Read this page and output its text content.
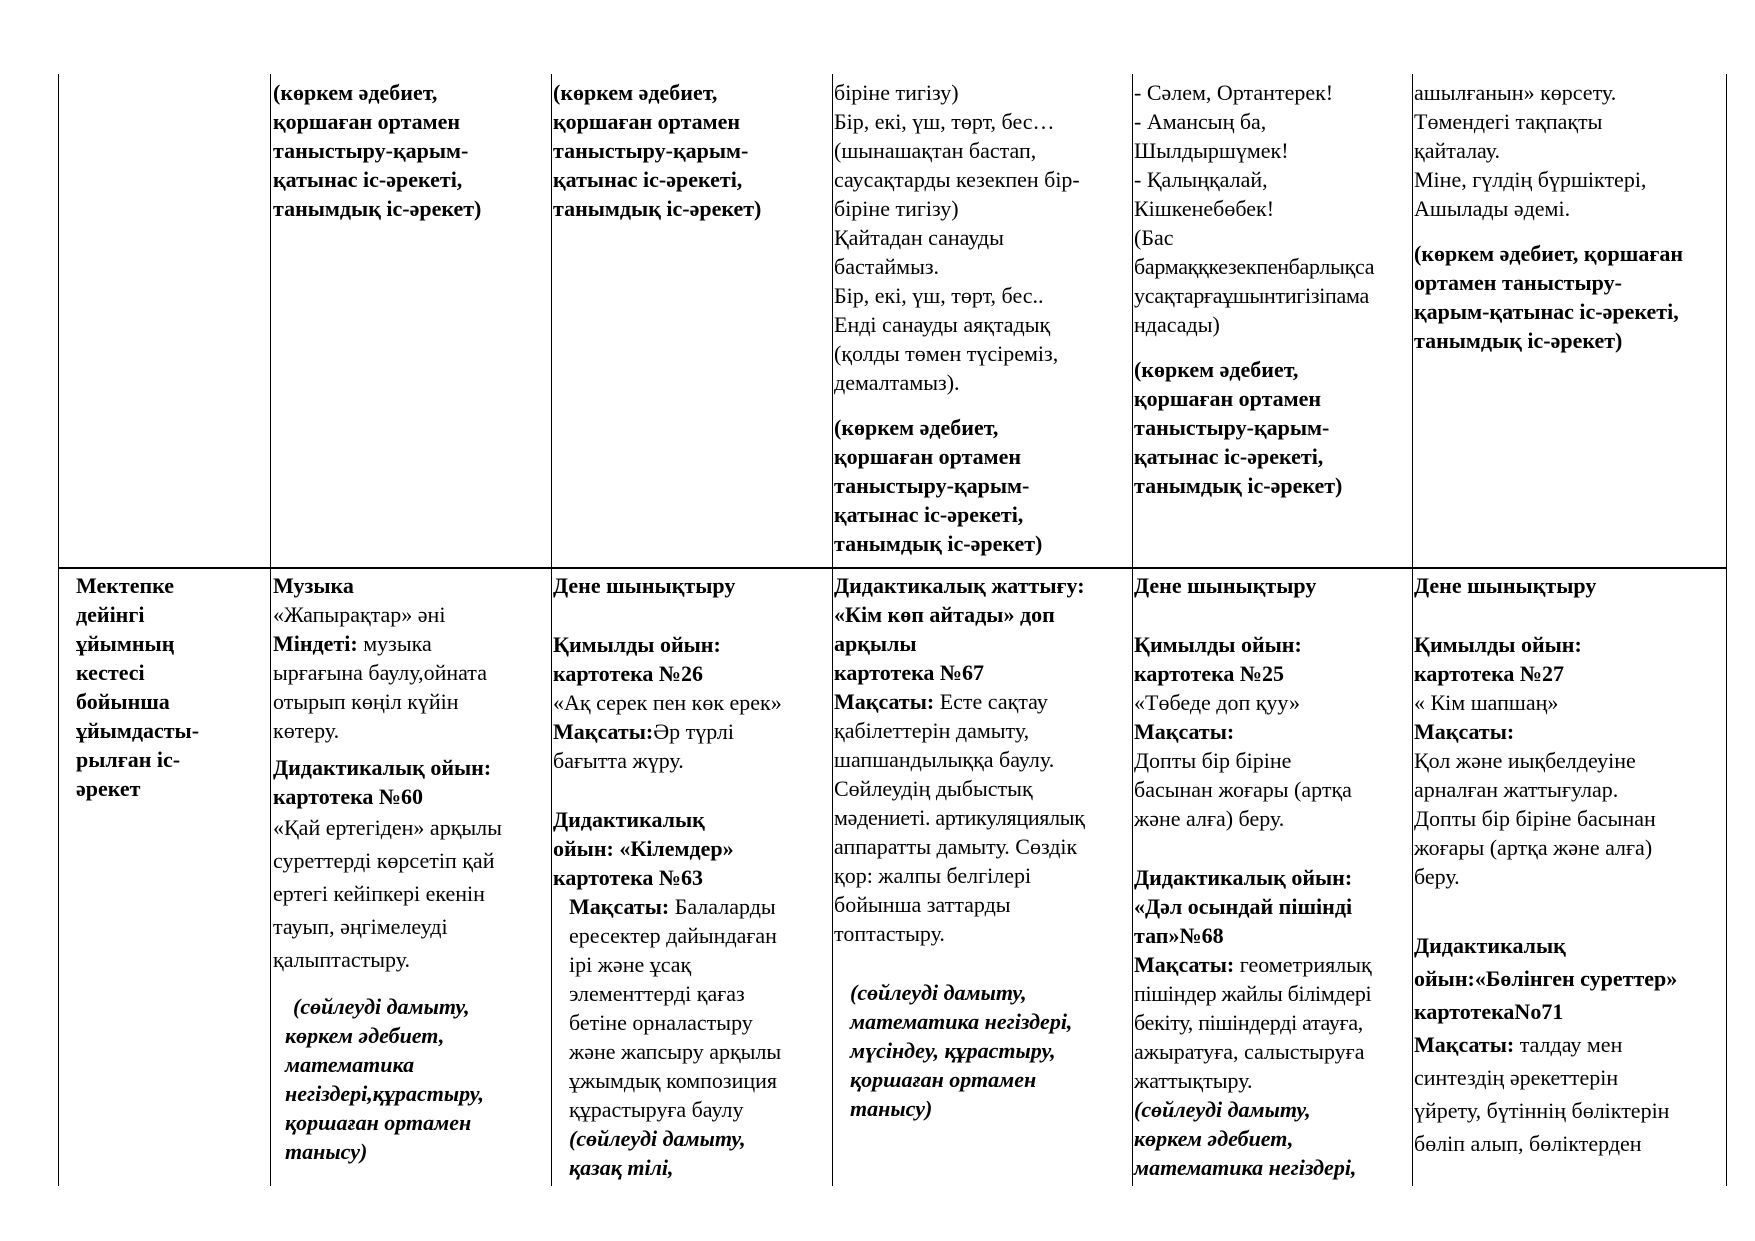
(көркем әдебиет,
қоршаған ортамен
таныстыру-қарым-
қатынас іс-әрекеті,
танымдық іс-әрекет)
(көркем әдебиет,
қоршаған ортамен
таныстыру-қарым-
қатынас іс-әрекеті,
танымдық іс-әрекет)
біріне тигізу)
Бір, екі, үш, төрт, бес…
(шынашақтан бастап,
саусақтарды кезекпен бір-
біріне тигізу)
Қайтадан санауды
бастаймыз.
Бір, екі, үш, төрт, бес..
Енді санауды аяқтадық
(қолды төмен түсіреміз,
демалтамыз).
(көркем әдебиет,
қоршаған ортамен
таныстыру-қарым-
қатынас іс-әрекеті,
танымдық іс-әрекет)
- Сәлем, Ортантерек!
- Амансың ба,
Шылдыршүмек!
- Қалыңқалай,
Кішкенебөбек!
(Бас
бармаққкезекпенбарлықса
усақтарғаұшынтигізіпама
ндасады)
(көркем әдебиет,
қоршаған ортамен
таныстыру-қарым-
қатынас іс-әрекеті,
танымдық іс-әрекет)
ашылғанын» көрсету.
Төмендегі тақпақты
қайталау.
Міне, гүлдің бүршіктері,
Ашылады әдемі.
(көркем әдебиет, қоршаған
ортамен таныстыру-
қарым-қатынас іс-әрекеті,
танымдық іс-әрекет)
Мектепке
дейінгі
ұйымның
кестесі
бойынша
ұйымдасты-
рылған іс-
әрекет
Музыка
«Жапырақтар» әні
Міндеті: музыка
ырғағына баулу,ойната
отырып көңіл күйін
көтеру.
Дидактикалық ойын:
картотека №60
«Қай ертегіден» арқылы
суреттерді көрсетіп қай
ертегі кейіпкері екенін
тауып, әңгімелеуді
қалыптастыру.
(сөйлеуді дамыту,
көркем әдебиет,
математика
негіздері,құрастыру,
қоршаған ортамен
танысу)
Дене шынықтыру
Қимылды ойын:
картотека №26
«Ақ серек пен көк ерек»
Мақсаты:Әр түрлі
бағытта жүру.
Дидактикалық
ойын: «Кілемдер»
картотека №63
Мақсаты: Балаларды
ересектер дайындаған
ірі және ұсақ
элементтерді қағаз
бетіне орналастыру
және жапсыру арқылы
ұжымдық композиция
құрастыруға баулу
(сөйлеуді дамыту,
қазақ тілі,
Дидактикалық жаттығу:
«Кім көп айтады» доп
арқылы
картотека №67
Мақсаты: Есте сақтау
қабілеттерін дамыту,
шапшандылыққа баулу.
Сөйлеудің дыбыстық
мәдениеті. артикуляциялық
аппаратты дамыту. Сөздік
қор: жалпы белгілері
бойынша заттарды
топтастыру.
(сөйлеуді дамыту,
математика негіздері,
мүсіндеу, құрастыру,
қоршаған ортамен
танысу)
Дене шынықтыру
Қимылды ойын:
картотека №25
«Төбеде доп қуу»
Мақсаты:
Допты бір біріне
басынан жоғары (артқа
және алға) беру.
Дидактикалық ойын:
«Дәл осындай пішінді
тап»№68
Мақсаты: геометриялық
пішіндер жайлы білімдері
бекіту, пішіндерді атауға,
ажыратуға, салыстыруға
жаттықтыру.
(сөйлеуді дамыту,
көркем әдебиет,
математика негіздері,
Дене шынықтыру
Қимылды ойын:
картотека №27
« Кім шапшаң»
Мақсаты:
Қол және иықбелдеуіне
арналған жаттығулар.
Допты бір біріне басынан
жоғары (артқа және алға)
беру.
Дидактикалық
ойын:«Бөлінген суреттер»
картотекаNo71
Мақсаты: талдау мен
синтездің әрекеттерін
үйрету, бүтіннің бөліктерін
бөліп алып, бөліктерден
